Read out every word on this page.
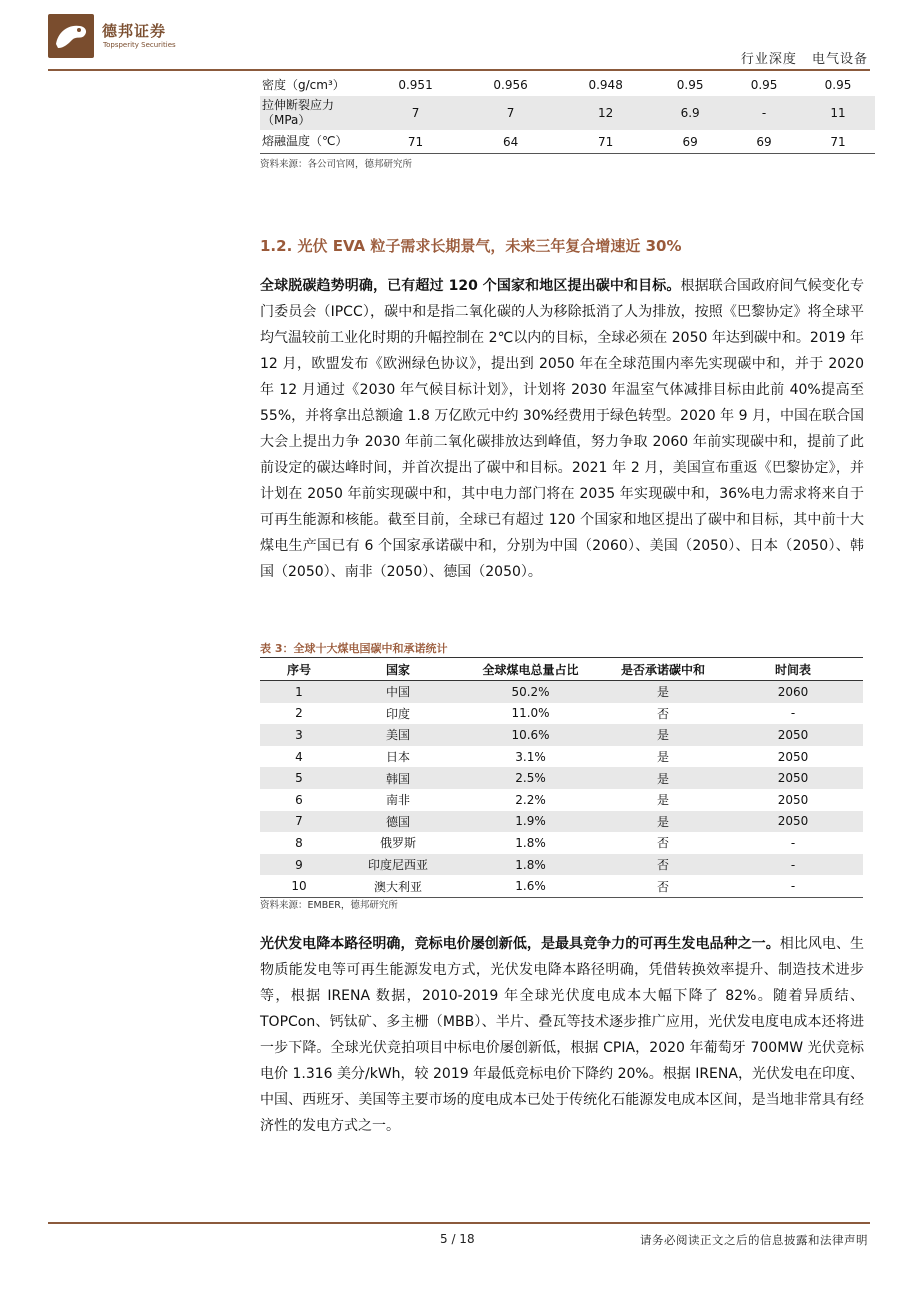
德邦证券
Topsperity Securities
行业深度 电气设备
密度（g/cm³）	0.951	0.956	0.948	0.95	0.95	0.95
拉伸断裂应力（MPa）	7	7	12	6.9	-	11
熔融温度（℃）	71	64	71	69	69	71
资料来源：各公司官网，德邦研究所
1.2. 光伏 EVA 粒子需求长期景气，未来三年复合增速近 30%
全球脱碳趋势明确，已有超过 120 个国家和地区提出碳中和目标。根据联合国政府间气候变化专门委员会（IPCC），碳中和是指二氧化碳的人为移除抵消了人为排放，按照《巴黎协定》将全球平均气温较前工业化时期的升幅控制在 2℃以内的目标，全球必须在 2050 年达到碳中和。2019 年 12 月，欧盟发布《欧洲绿色协议》，提出到 2050 年在全球范围内率先实现碳中和，并于 2020 年 12 月通过《2030 年气候目标计划》，计划将 2030 年温室气体减排目标由此前 40%提高至 55%，并将拿出总额逾 1.8 万亿欧元中约 30%经费用于绿色转型。2020 年 9 月，中国在联合国大会上提出力争 2030 年前二氧化碳排放达到峰值，努力争取 2060 年前实现碳中和，提前了此前设定的碳达峰时间，并首次提出了碳中和目标。2021 年 2 月，美国宣布重返《巴黎协定》，并计划在 2050 年前实现碳中和，其中电力部门将在 2035 年实现碳中和，36%电力需求将来自于可再生能源和核能。截至目前，全球已有超过 120 个国家和地区提出了碳中和目标，其中前十大煤电生产国已有 6 个国家承诺碳中和，分别为中国（2060）、美国（2050）、日本（2050）、韩国（2050）、南非（2050）、德国（2050）。
表 3：全球十大煤电国碳中和承诺统计
序号	国家	全球煤电总量占比	是否承诺碳中和	时间表
1	中国	50.2%	是	2060
2	印度	11.0%	否	-
3	美国	10.6%	是	2050
4	日本	3.1%	是	2050
5	韩国	2.5%	是	2050
6	南非	2.2%	是	2050
7	德国	1.9%	是	2050
8	俄罗斯	1.8%	否	-
9	印度尼西亚	1.8%	否	-
10	澳大利亚	1.6%	否	-
资料来源：EMBER，德邦研究所
光伏发电降本路径明确，竞标电价屡创新低，是最具竞争力的可再生发电品种之一。相比风电、生物质能发电等可再生能源发电方式，光伏发电降本路径明确，凭借转换效率提升、制造技术进步等，根据 IRENA 数据，2010-2019 年全球光伏度电成本大幅下降了 82%。随着异质结、TOPCon、钙钛矿、多主栅（MBB）、半片、叠瓦等技术逐步推广应用，光伏发电度电成本还将进一步下降。全球光伏竞拍项目中标电价屡创新低，根据 CPIA，2020 年葡萄牙 700MW 光伏竞标电价 1.316 美分/kWh，较 2019 年最低竞标电价下降约 20%。根据 IRENA，光伏发电在印度、中国、西班牙、美国等主要市场的度电成本已处于传统化石能源发电成本区间，是当地非常具有经济性的发电方式之一。
5 / 18	请务必阅读正文之后的信息披露和法律声明
